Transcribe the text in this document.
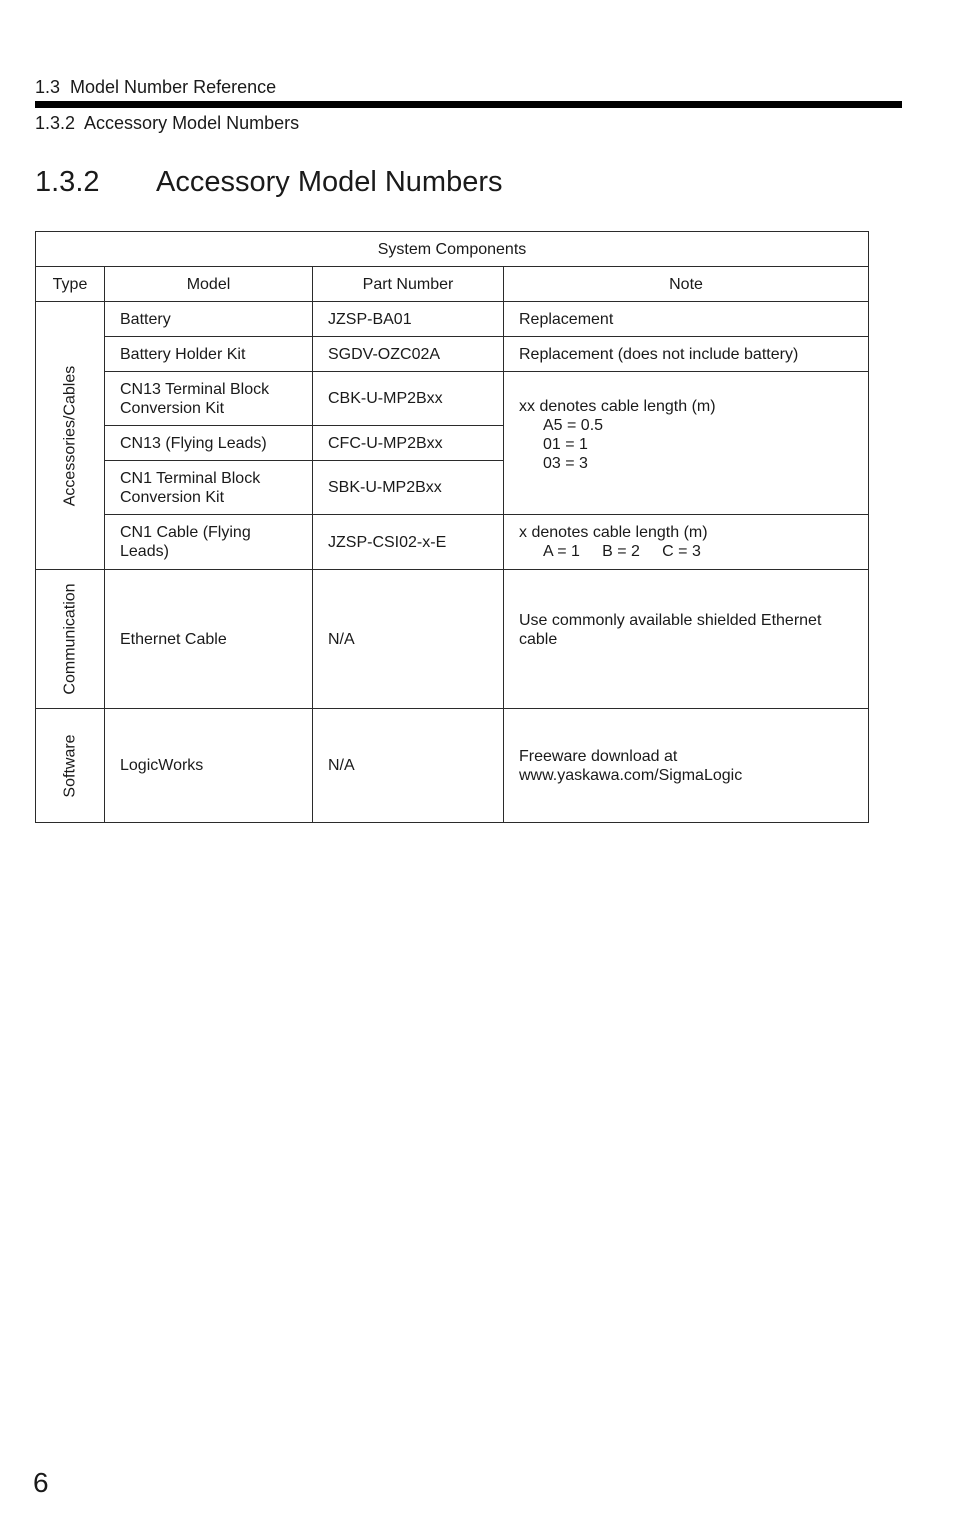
1.3  Model Number Reference
1.3.2  Accessory Model Numbers
1.3.2 Accessory Model Numbers
System Components			
Type	Model	Part Number	Note

Accessories/Cables	Battery	JZSP-BA01	Replacement
	Battery Holder Kit	SGDV-OZC02A	Replacement (does not include battery)
	CN13 Terminal Block Conversion Kit	CBK-U-MP2Bxx	xx denotes cable length (m)
A5 = 0.5
01 = 1
03 = 3

	CN13 (Flying Leads)	CFC-U-MP2Bxx	
	CN1 Terminal Block Conversion Kit	SBK-U-MP2Bxx	
	CN1 Cable (Flying Leads)	JZSP-CSI02-x-E	x denotes cable length (m)
A = 1     B = 2     C = 3

Communication	Ethernet Cable	N/A	Use commonly available shielded Ethernet cable

Software	LogicWorks	N/A	Freeware download at www.yaskawa.com/SigmaLogic
6
